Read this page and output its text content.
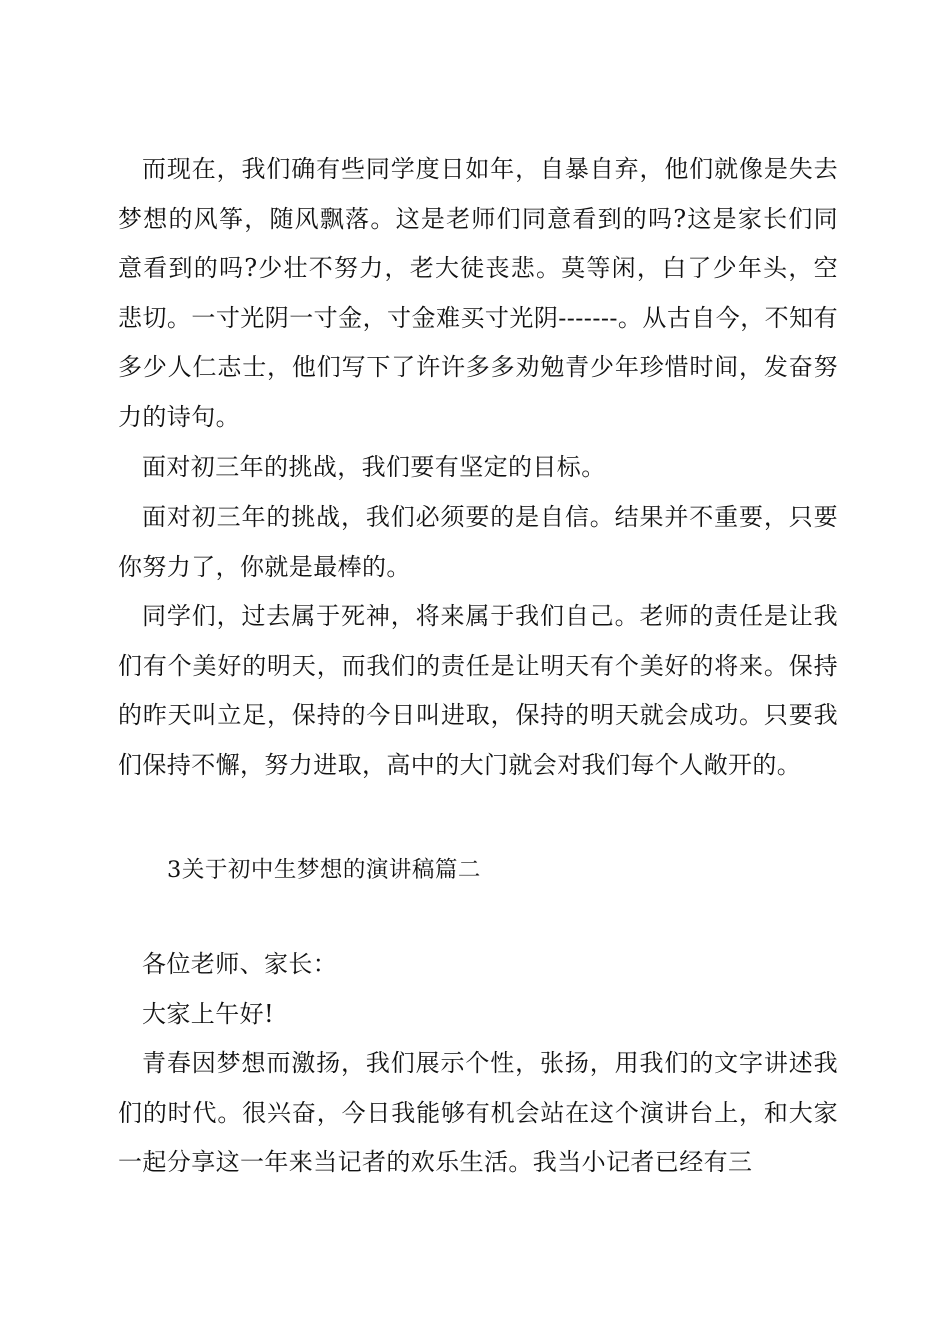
而现在，我们确有些同学度日如年，自暴自弃，他们就像是失去梦想的风筝，随风飘落。这是老师们同意看到的吗?这是家长们同意看到的吗?少壮不努力，老大徒丧悲。莫等闲，白了少年头，空悲切。一寸光阴一寸金，寸金难买寸光阴-------。从古自今，不知有多少人仁志士，他们写下了许许多多劝勉青少年珍惜时间，发奋努力的诗句。

面对初三年的挑战，我们要有坚定的目标。

面对初三年的挑战，我们必须要的是自信。结果并不重要，只要你努力了，你就是最棒的。

同学们，过去属于死神，将来属于我们自己。老师的责任是让我们有个美好的明天，而我们的责任是让明天有个美好的将来。保持的昨天叫立足，保持的今日叫进取，保持的明天就会成功。只要我们保持不懈，努力进取，高中的大门就会对我们每个人敞开的。

3关于初中生梦想的演讲稿篇二

各位老师、家长：

大家上午好!

青春因梦想而激扬，我们展示个性，张扬，用我们的文字讲述我们的时代。很兴奋，今日我能够有机会站在这个演讲台上，和大家一起分享这一年来当记者的欢乐生活。我当小记者已经有三
